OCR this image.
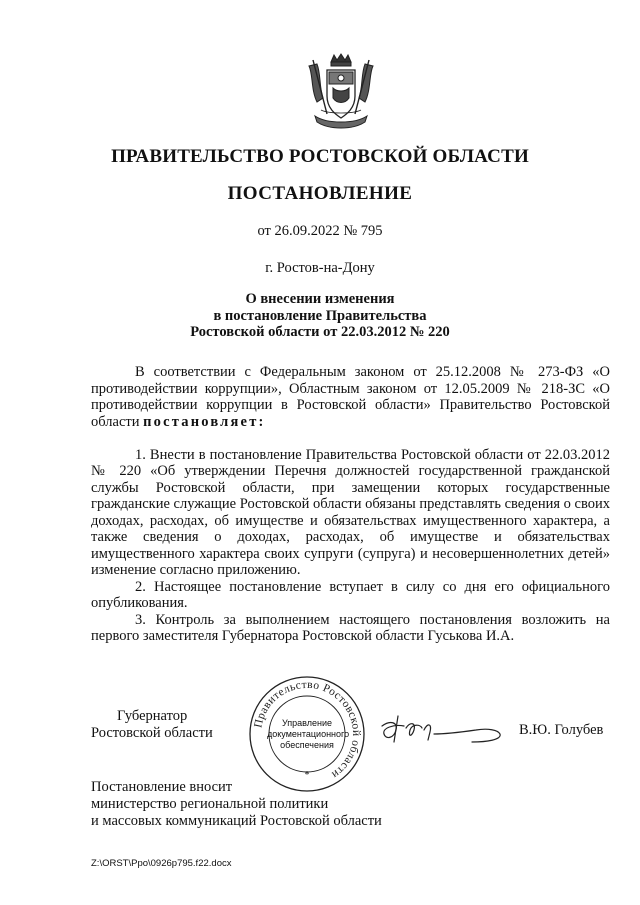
ПРАВИТЕЛЬСТВО РОСТОВСКОЙ ОБЛАСТИ
ПОСТАНОВЛЕНИЕ
от 26.09.2022 № 795
г. Ростов-на-Дону
О внесении изменения
в постановление Правительства
Ростовской области от 22.03.2012 № 220

В соответствии с Федеральным законом от 25.12.2008 № 273-ФЗ «О противодействии коррупции», Областным законом от 12.05.2009 № 218-ЗС «О противодействии коррупции в Ростовской области» Правительство Ростовской области постановляет:

1. Внести в постановление Правительства Ростовской области от 22.03.2012 № 220 «Об утверждении Перечня должностей государственной гражданской службы Ростовской области, при замещении которых государственные гражданские служащие Ростовской области обязаны представлять сведения о своих доходах, расходах, об имуществе и обязательствах имущественного характера, а также сведения о доходах, расходах, об имуществе и обязательствах имущественного характера своих супруги (супруга) и несовершеннолетних детей» изменение согласно приложению.

2. Настоящее постановление вступает в силу со дня его официального опубликования.

3. Контроль за выполнением настоящего постановления возложить на первого заместителя Губернатора Ростовской области Гуськова И.А.

Губернатор
Ростовской области
Правительство Ростовской области
*
Управление
документационного
обеспечения
В.Ю. Голубев
Постановление вносит
министерство региональной политики
и массовых коммуникаций Ростовской области
Z:\ORST\Ppo\0926p795.f22.docx
